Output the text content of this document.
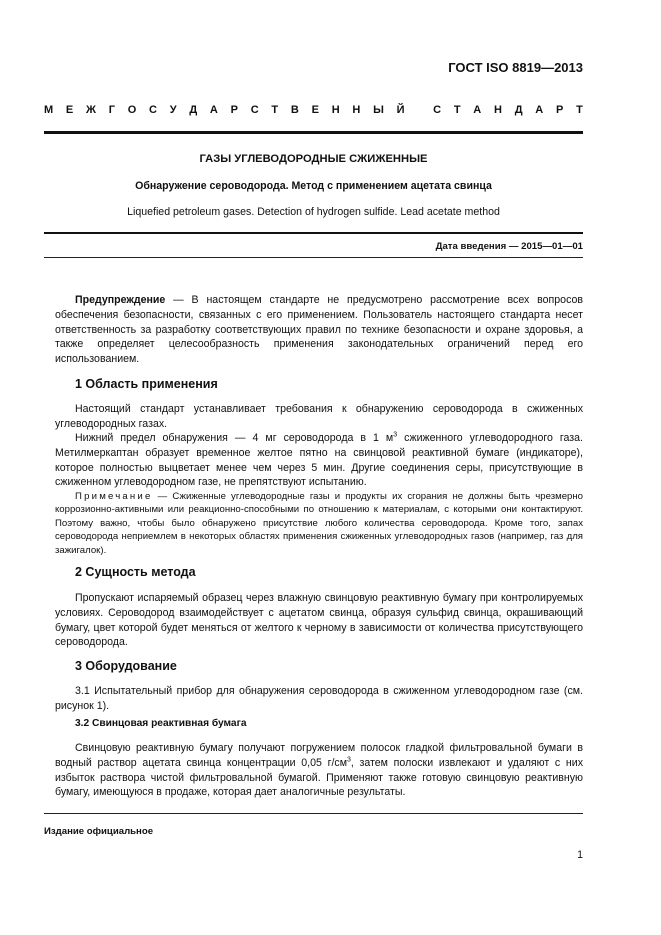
ГОСТ ISO 8819—2013
М Е Ж Г О С У Д А Р С Т В Е Н Н Ы Й
	С Т А Н Д А Р Т
ГАЗЫ УГЛЕВОДОРОДНЫЕ СЖИЖЕННЫЕ
Обнаружение сероводорода. Метод с применением ацетата свинца
Liquefied petroleum gases. Detection of hydrogen sulfide. Lead acetate method
Дата введения — 2015—01—01
Предупреждение — В настоящем стандарте не предусмотрено рассмотрение всех вопросов обеспечения безопасности, связанных с его применением. Пользователь настоящего стандарта несет ответственность за разработку соответствующих правил по технике безопасности и охране здоровья, а также определяет целесообразность применения законодательных ограничений перед его использованием.
1 Область применения
Настоящий стандарт устанавливает требования к обнаружению сероводорода в сжиженных углеводородных газах.
Нижний предел обнаружения — 4 мг сероводорода в 1 $м^3$ сжиженного углеводородного газа. Метилмеркаптан образует временное желтое пятно на свинцовой реактивной бумаге (индикаторе), которое полностью выцветает менее чем через 5 мин. Другие соединения серы, присутствующие в сжиженном углеводородном газе, не препятствуют испытанию.
Примечание — Сжиженные углеводородные газы и продукты их сгорания не должны быть чрезмерно коррозионно-активными или реакционно-способными по отношению к материалам, с которыми они контактируют. Поэтому важно, чтобы было обнаружено присутствие любого количества сероводорода. Кроме того, запах сероводорода неприемлем в некоторых областях применения сжиженных углеводородных газов (например, газ для зажигалок).
2 Сущность метода
Пропускают испаряемый образец через влажную свинцовую реактивную бумагу при контролируемых условиях. Сероводород взаимодействует с ацетатом свинца, образуя сульфид свинца, окрашивающий бумагу, цвет которой будет меняться от желтого к черному в зависимости от количества присутствующего сероводорода.
3 Оборудование
3.1 Испытательный прибор для обнаружения сероводорода в сжиженном углеводородном газе (см. рисунок 1).
3.2 Свинцовая реактивная бумага
Свинцовую реактивную бумагу получают погружением полосок гладкой фильтровальной бумаги в водный раствор ацетата свинца концентрации 0,05 $г/см^3$, затем полоски извлекают и удаляют с них избыток раствора чистой фильтровальной бумагой. Применяют также готовую свинцовую реактивную бумагу, имеющуюся в продаже, которая дает аналогичные результаты.
Издание официальное
1
